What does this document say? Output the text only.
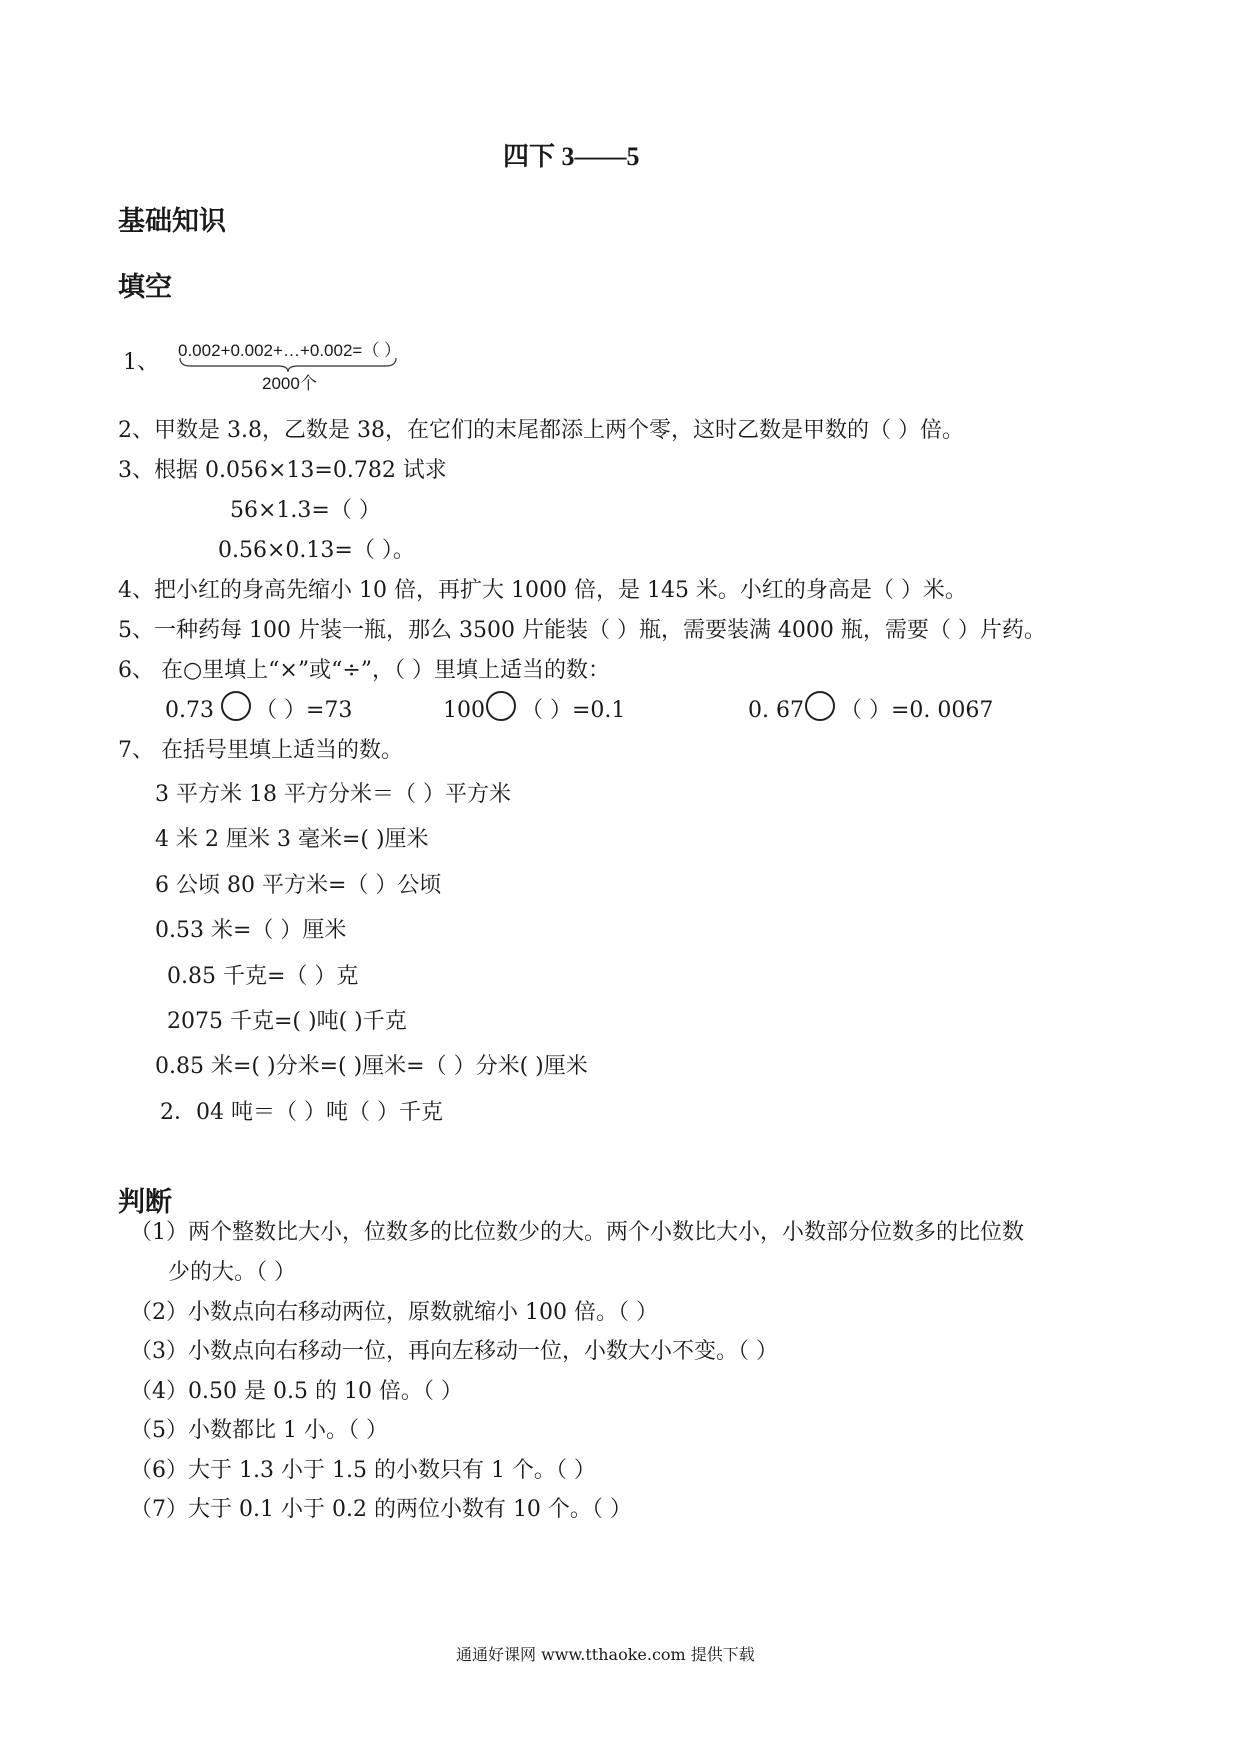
四下 3——5
基础知识
填空
1、 0.002+0.002+…+0.002=（ ）
2000个
2、甲数是 3.8，乙数是 38，在它们的末尾都添上两个零，这时乙数是甲数的（ ）倍。
3、根据 0.056×13=0.782 试求
56×1.3=（ ）
0.56×0.13=（ ）。
4、把小红的身高先缩小 10 倍，再扩大 1000 倍，是 145 米。小红的身高是（ ）米。
5、一种药每 100 片装一瓶，那么 3500 片能装（ ）瓶，需要装满 4000 瓶，需要（ ）片药。
6、 在○里填上“×”或“÷”，（ ）里填上适当的数：
0.73 （ ）=73	100 （ ）=0.1	0. 67 （ ）=0. 0067
7、 在括号里填上适当的数。
3 平方米 18 平方分米＝（ ）平方米
4 米 2 厘米 3 毫米=( )厘米
6 公顷 80 平方米=（ ）公顷
0.53 米=（ ）厘米
0.85 千克=（ ）克
2075 千克=( )吨( )千克
0.85 米=( )分米=( )厘米=（ ）分米( )厘米
2．04 吨＝（ ）吨（ ）千克
判断
（1）两个整数比大小，位数多的比位数少的大。两个小数比大小，小数部分位数多的比位数
少的大。（ ）
（2）小数点向右移动两位，原数就缩小 100 倍。（ ）
（3）小数点向右移动一位，再向左移动一位，小数大小不变。（ ）
（4）0.50 是 0.5 的 10 倍。（ ）
（5）小数都比 1 小。（ ）
（6）大于 1.3 小于 1.5 的小数只有 1 个。（ ）
（7）大于 0.1 小于 0.2 的两位小数有 10 个。（ ）
通通好课网 www.tthaoke.com 提供下载
